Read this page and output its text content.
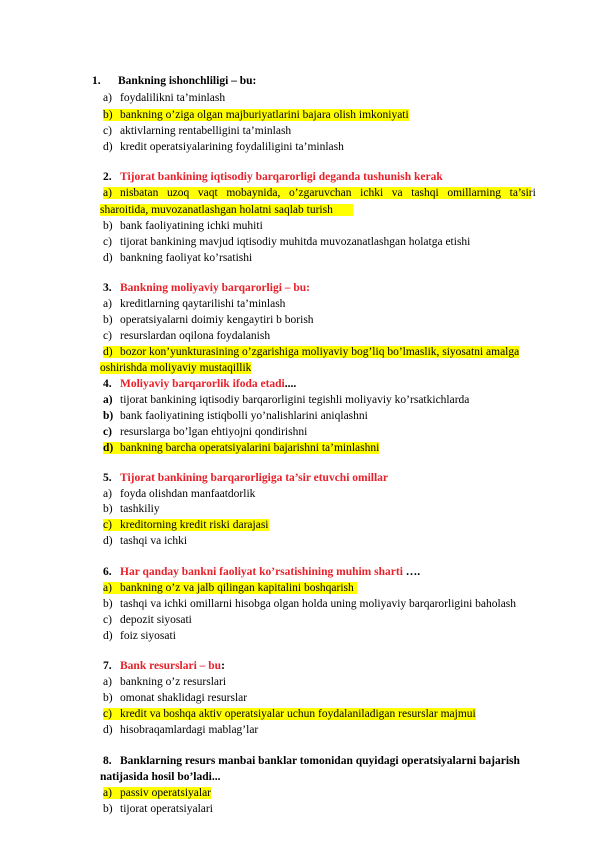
1. Bankning ishonchliligi – bu:
a) foydalilikni ta’minlash
b) bankning o’ziga olgan majburiyatlarini bajara olish imkoniyati
c) aktivlarning rentabelligini ta’minlash
d) kredit operatsiyalarining foydaliligini ta’minlash
2. Tijorat bankining iqtisodiy barqarorligi deganda tushunish kerak
a) nisbatan   uzoq   vaqt   mobaynida,   o’zgaruvchan   ichki   va   tashqi   omillarning   ta’siri
sharoitida, muvozanatlashgan holatni saqlab turish
b) bank faoliyatining ichki muhiti
c) tijorat bankining mavjud iqtisodiy muhitda muvozanatlashgan holatga etishi
d) bankning faoliyat ko’rsatishi
3. Bankning moliyaviy barqarorligi – bu:
a) kreditlarning qaytarilishi ta’minlash
b) operatsiyalarni doimiy kengaytiri b borish
c) resurslardan oqilona foydalanish
d) bozor kon’yunkturasining o’zgarishiga moliyaviy bog’liq bo’lmaslik, siyosatni amalga
oshirishda moliyaviy mustaqillik
4. Moliyaviy barqarorlik ifoda etadi....
a) tijorat bankining iqtisodiy barqarorligini tegishli moliyaviy ko’rsatkichlarda
b) bank faoliyatining istiqbolli yo’nalishlarini aniqlashni
c) resurslarga bo’lgan ehtiyojni qondirishni
d) bankning barcha operatsiyalarini bajarishni ta’minlashni
5. Tijorat bankining barqarorligiga ta’sir etuvchi omillar
a) foyda olishdan manfaatdorlik
b) tashkiliy
c) kreditorning kredit riski darajasi
d) tashqi va ichki
6. Har qanday bankni faoliyat ko’rsatishining muhim sharti ….
a) bankning o’z va jalb qilingan kapitalini boshqarish
b) tashqi va ichki omillarni hisobga olgan holda uning moliyaviy barqarorligini baholash
c) depozit siyosati
d) foiz siyosati
7. Bank resurslari – bu:
a) bankning o’z resurslari
b) omonat shaklidagi resurslar
c) kredit va boshqa aktiv operatsiyalar uchun foydalaniladigan resurslar majmui
d) hisobraqamlardagi mablag’lar
8. Banklarning resurs manbai banklar tomonidan quyidagi operatsiyalarni bajarish
natijasida hosil bo’ladi...
a) passiv operatsiyalar
b) tijorat operatsiyalari
